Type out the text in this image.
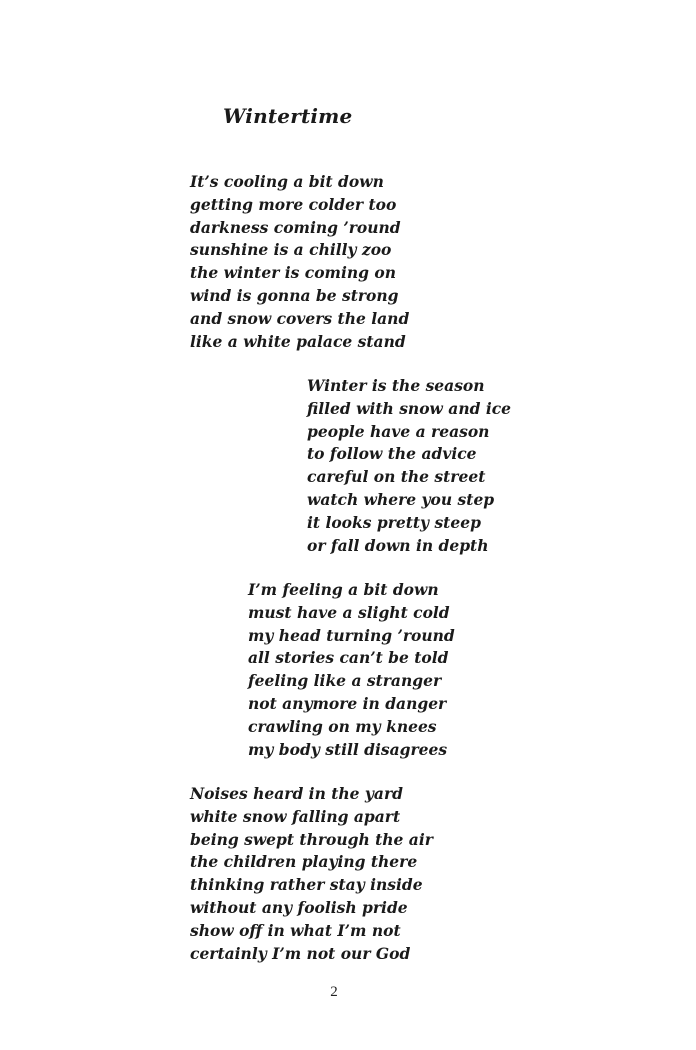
Wintertime
It’s cooling a bit down
getting more colder too
darkness coming ’round
sunshine is a chilly zoo
the winter is coming on
wind is gonna be strong
and snow covers the land
like a white palace stand
Winter is the season
filled with snow and ice
people have a reason
to follow the advice
careful on the street
watch where you step
it looks pretty steep
or fall down in depth
I’m feeling a bit down
must have a slight cold
my head turning ’round
all stories can’t be told
feeling like a stranger
not anymore in danger
crawling on my knees
my body still disagrees
Noises heard in the yard
white snow falling apart
being swept through the air
the children playing there
thinking rather stay inside
without any foolish pride
show off in what I’m not
certainly I’m not our God
2
